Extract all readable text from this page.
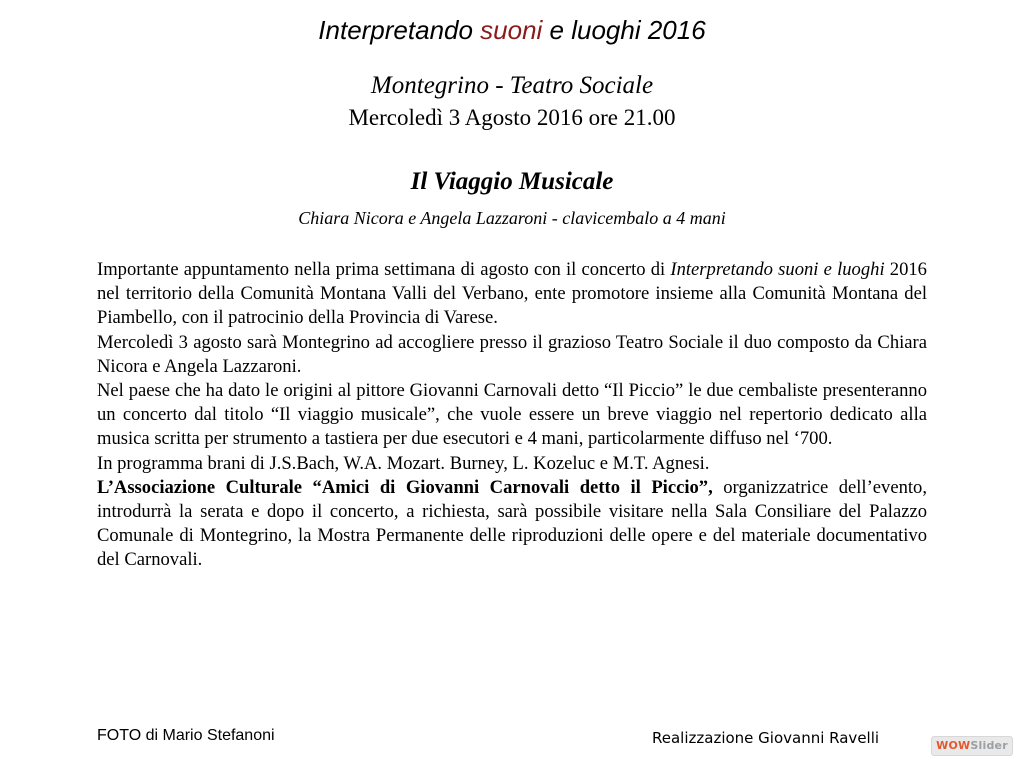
Interpretando suoni e luoghi 2016
Montegrino - Teatro Sociale
Mercoledì 3 Agosto 2016 ore 21.00
Il Viaggio Musicale
Chiara Nicora e Angela Lazzaroni - clavicembalo a 4 mani

Importante appuntamento nella prima settimana di agosto con il concerto di Interpretando suoni e luoghi 2016 nel territorio della Comunità Montana Valli del Verbano, ente promotore insieme alla Comunità Montana del Piambello, con il patrocinio della Provincia di Varese.

Mercoledì 3 agosto sarà Montegrino ad accogliere presso il grazioso Teatro Sociale il duo composto da Chiara Nicora e Angela Lazzaroni.

Nel paese che ha dato le origini al pittore Giovanni Carnovali detto “Il Piccio” le due cembaliste presenteranno un concerto dal titolo “Il viaggio musicale”, che vuole essere un breve viaggio nel repertorio dedicato alla musica scritta per strumento a tastiera per due esecutori e 4 mani, particolarmente diffuso nel ‘700.

In programma brani di J.S.Bach, W.A. Mozart. Burney, L. Kozeluc e M.T. Agnesi.

L’Associazione Culturale “Amici di Giovanni Carnovali detto il Piccio”, organizzatrice dell’evento, introdurrà la serata e dopo il concerto, a richiesta, sarà possibile visitare nella Sala Consiliare del Palazzo Comunale di Montegrino, la Mostra Permanente delle riproduzioni delle opere e del materiale documentativo del Carnovali.

FOTO di Mario Stefanoni	Realizzazione Giovanni Ravelli	WOWSlider
